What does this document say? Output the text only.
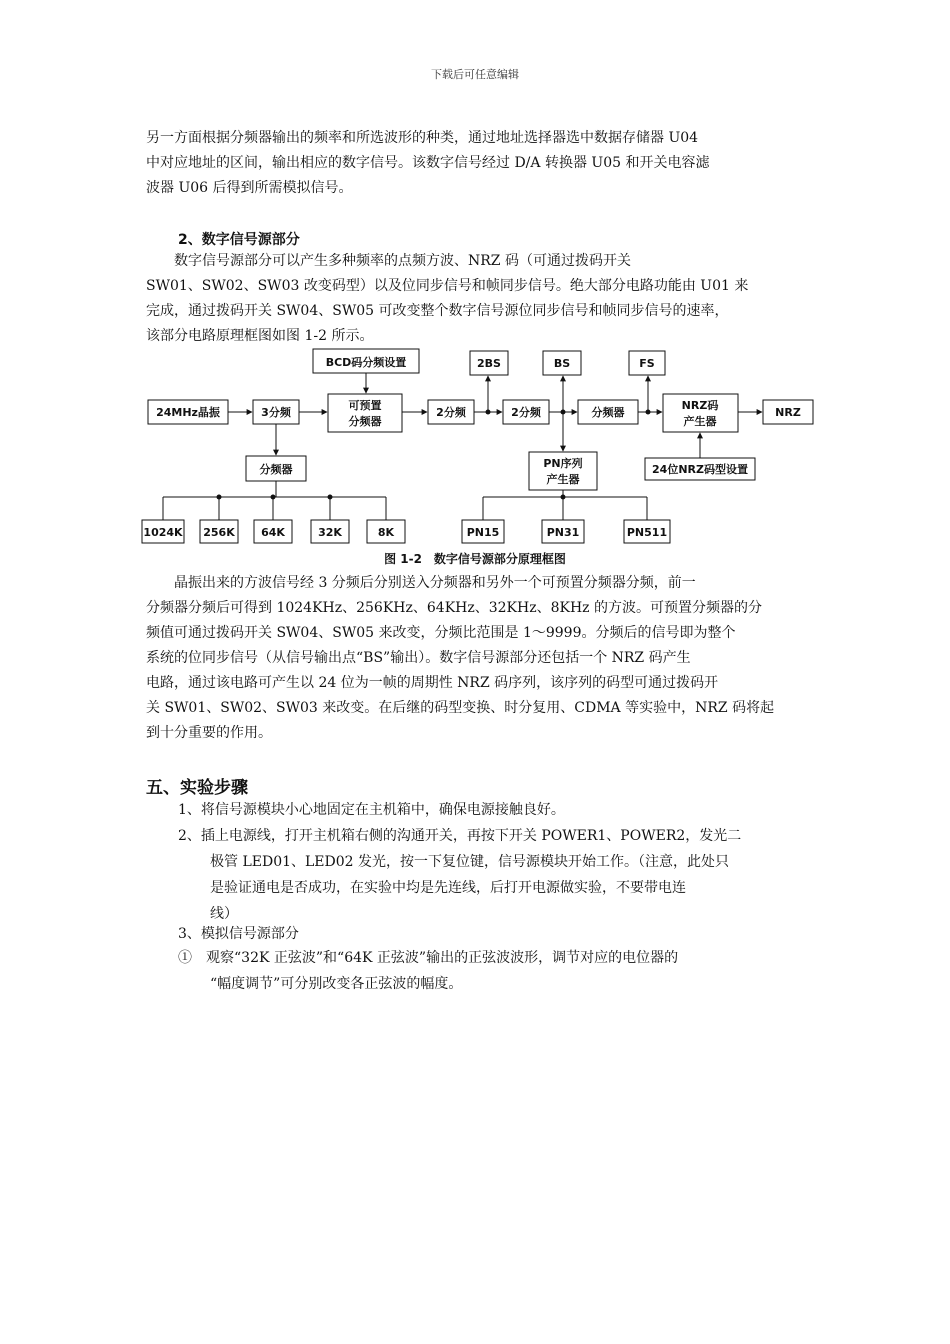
下载后可任意编辑
另一方面根据分频器输出的频率和所选波形的种类，通过地址选择器选中数据存储器 U04
中对应地址的区间，输出相应的数字信号。该数字信号经过 D/A 转换器 U05 和开关电容滤
波器 U06 后得到所需模拟信号。
2、数字信号源部分
　　数字信号源部分可以产生多种频率的点频方波、NRZ 码（可通过拨码开关
SW01、SW02、SW03 改变码型）以及位同步信号和帧同步信号。绝大部分电路功能由 U01 来
完成，通过拨码开关 SW04、SW05 可改变整个数字信号源位同步信号和帧同步信号的速率，
该部分电路原理框图如图 1-2 所示。
BCD码分频设置
24MHz晶振	3分频
可预置
分频器
2分频	2分频	分频器
NRZ码
产生器
NRZ
2BS	BS	FS
分频器	PN序列
产生器
24位NRZ码型设置
1024K 256K 64K	32K	8K	PN15	PN31	PN511
图 1-2　数字信号源部分原理框图
　　晶振出来的方波信号经 3 分频后分别送入分频器和另外一个可预置分频器分频，前一
分频器分频后可得到 1024KHz、256KHz、64KHz、32KHz、8KHz 的方波。可预置分频器的分
频值可通过拨码开关 SW04、SW05 来改变，分频比范围是 1～9999。分频后的信号即为整个
系统的位同步信号（从信号输出点“BS”输出）。数字信号源部分还包括一个 NRZ 码产生
电路，通过该电路可产生以 24 位为一帧的周期性 NRZ 码序列，该序列的码型可通过拨码开
关 SW01、SW02、SW03 来改变。在后继的码型变换、时分复用、CDMA 等实验中，NRZ 码将起
到十分重要的作用。
五、实验步骤
1、将信号源模块小心地固定在主机箱中，确保电源接触良好。
2、插上电源线，打开主机箱右侧的沟通开关，再按下开关 POWER1、POWER2，发光二
极管 LED01、LED02 发光，按一下复位键，信号源模块开始工作。（注意，此处只
是验证通电是否成功，在实验中均是先连线，后打开电源做实验，不要带电连
线）
3、模拟信号源部分
①　观察“32K 正弦波”和“64K 正弦波”输出的正弦波波形，调节对应的电位器的
“幅度调节”可分别改变各正弦波的幅度。
